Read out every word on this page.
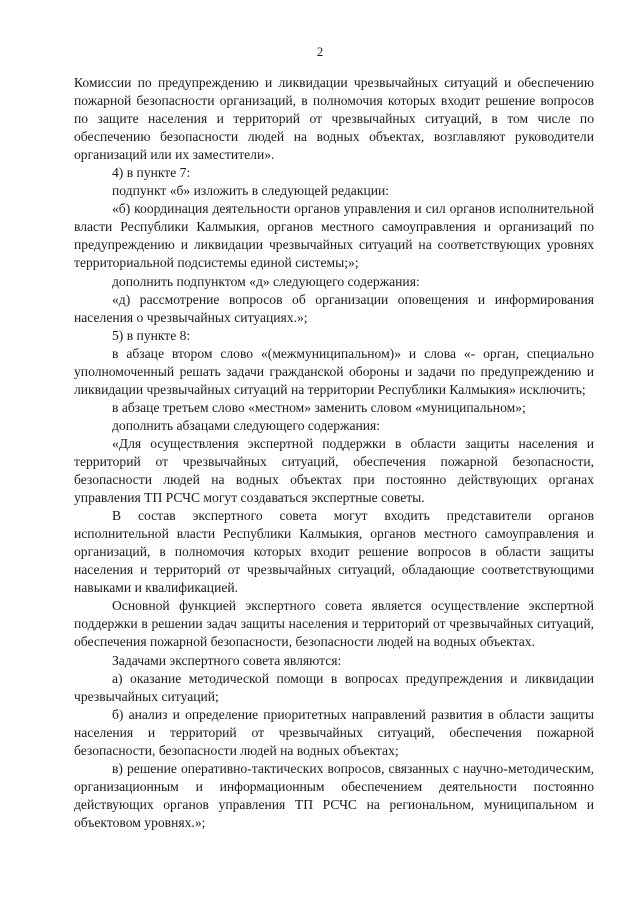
2

Комиссии по предупреждению и ликвидации чрезвычайных ситуаций и обеспечению пожарной безопасности организаций, в полномочия которых входит решение вопросов по защите населения и территорий от чрезвычайных ситуаций, в том числе по обеспечению безопасности людей на водных объектах, возглавляют руководители организаций или их заместители».

4) в пункте 7:

подпункт «б» изложить в следующей редакции:

«б) координация деятельности органов управления и сил органов исполнительной власти Республики Калмыкия, органов местного самоуправления и организаций по предупреждению и ликвидации чрезвычайных ситуаций на соответствующих уровнях территориальной подсистемы единой системы;»;

дополнить подпунктом «д» следующего содержания:

«д) рассмотрение вопросов об организации оповещения и информирования населения о чрезвычайных ситуациях.»;

5) в пункте 8:

в абзаце втором слово «(межмуниципальном)» и слова «- орган, специально уполномоченный решать задачи гражданской обороны и задачи по предупреждению и ликвидации чрезвычайных ситуаций на территории Республики Калмыкия» исключить;

в абзаце третьем слово «местном» заменить словом «муниципальном»;

дополнить абзацами следующего содержания:

«Для осуществления экспертной поддержки в области защиты населения и территорий от чрезвычайных ситуаций, обеспечения пожарной безопасности, безопасности людей на водных объектах при постоянно действующих органах управления ТП РСЧС могут создаваться экспертные советы.

В состав экспертного совета могут входить представители органов исполнительной власти Республики Калмыкия, органов местного самоуправления и организаций, в полномочия которых входит решение вопросов в области защиты населения и территорий от чрезвычайных ситуаций, обладающие соответствующими навыками и квалификацией.

Основной функцией экспертного совета является осуществление экспертной поддержки в решении задач защиты населения и территорий от чрезвычайных ситуаций, обеспечения пожарной безопасности, безопасности людей на водных объектах.

Задачами экспертного совета являются:

а) оказание методической помощи в вопросах предупреждения и ликвидации чрезвычайных ситуаций;

б) анализ и определение приоритетных направлений развития в области защиты населения и территорий от чрезвычайных ситуаций, обеспечения пожарной безопасности, безопасности людей на водных объектах;

в) решение оперативно-тактических вопросов, связанных с научно-методическим, организационным и информационным обеспечением деятельности постоянно действующих органов управления ТП РСЧС на региональном, муниципальном и объектовом уровнях.»;
